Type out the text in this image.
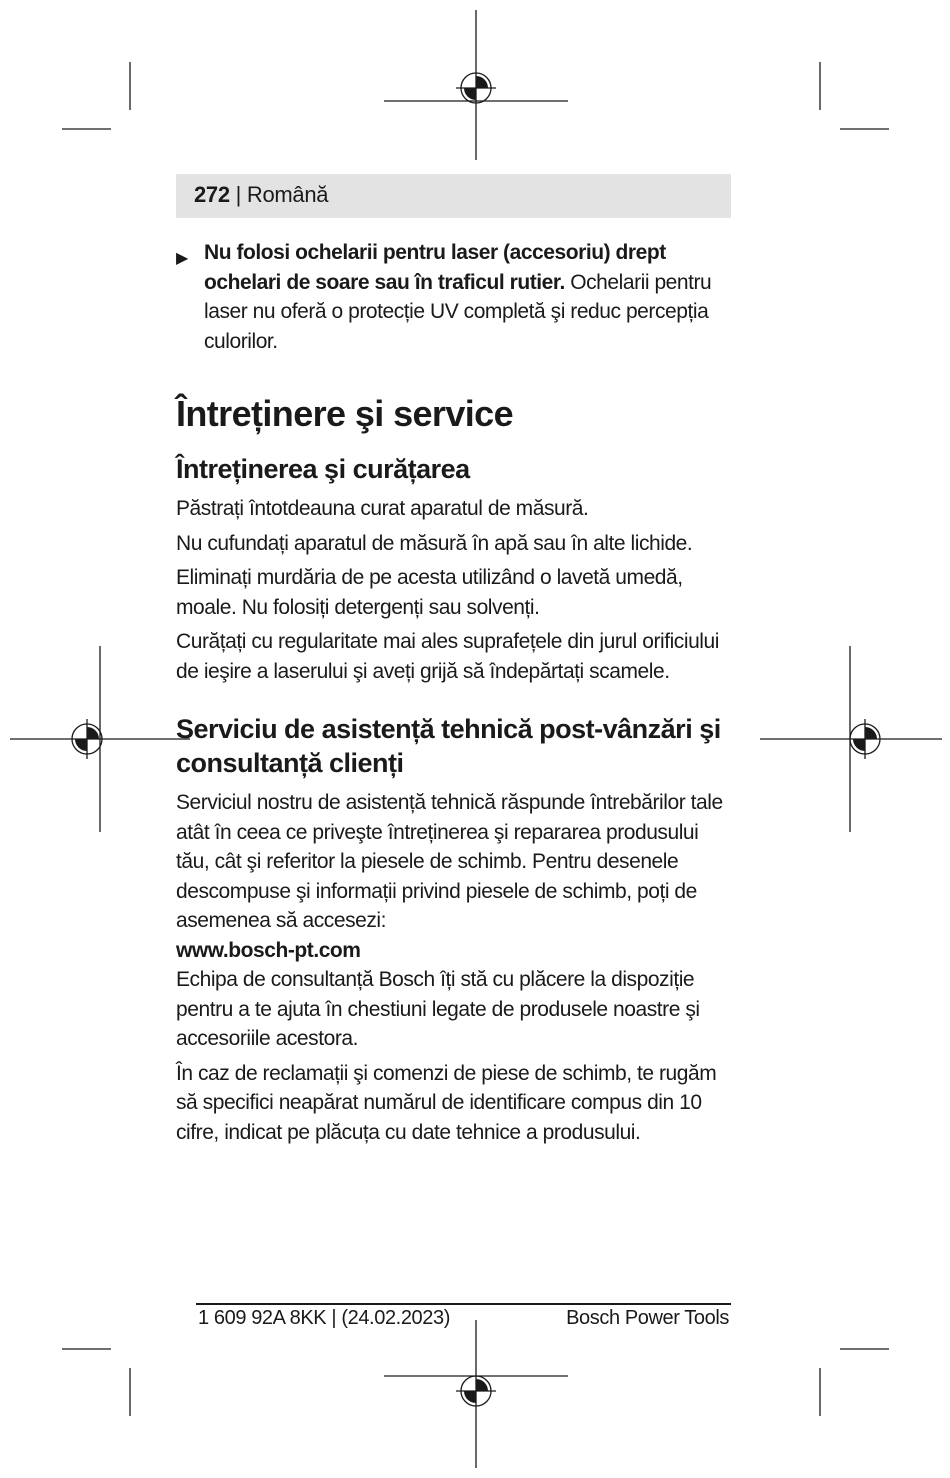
272 | Română

▶ Nu folosi ochelarii pentru laser (accesoriu) drept ochelari de soare sau în traficul rutier. Ochelarii pentru laser nu oferă o protecție UV completă şi reduc percepția culorilor.

Întreținere şi service
Întreținerea şi curățarea

Păstrați întotdeauna curat aparatul de măsură.

Nu cufundați aparatul de măsură în apă sau în alte lichide.

Eliminați murdăria de pe acesta utilizând o lavetă umedă, moale. Nu folosiți detergenți sau solvenți.

Curățați cu regularitate mai ales suprafețele din jurul orificiului de ieşire a laserului şi aveți grijă să îndepărtați scamele.

Serviciu de asistență tehnică post-vânzări şi consultanță clienți

Serviciul nostru de asistență tehnică răspunde întrebărilor tale atât în ceea ce priveşte întreținerea şi repararea produsului tău, cât şi referitor la piesele de schimb. Pentru desenele descompuse şi informații privind piesele de schimb, poți de asemenea să accesezi:

www.bosch-pt.com

Echipa de consultanță Bosch îți stă cu plăcere la dispoziție pentru a te ajuta în chestiuni legate de produsele noastre şi accesoriile acestora.

În caz de reclamații şi comenzi de piese de schimb, te rugăm să specifici neapărat numărul de identificare compus din 10 cifre, indicat pe plăcuța cu date tehnice a produsului.

1 609 92A 8KK | (24.02.2023)	Bosch Power Tools
